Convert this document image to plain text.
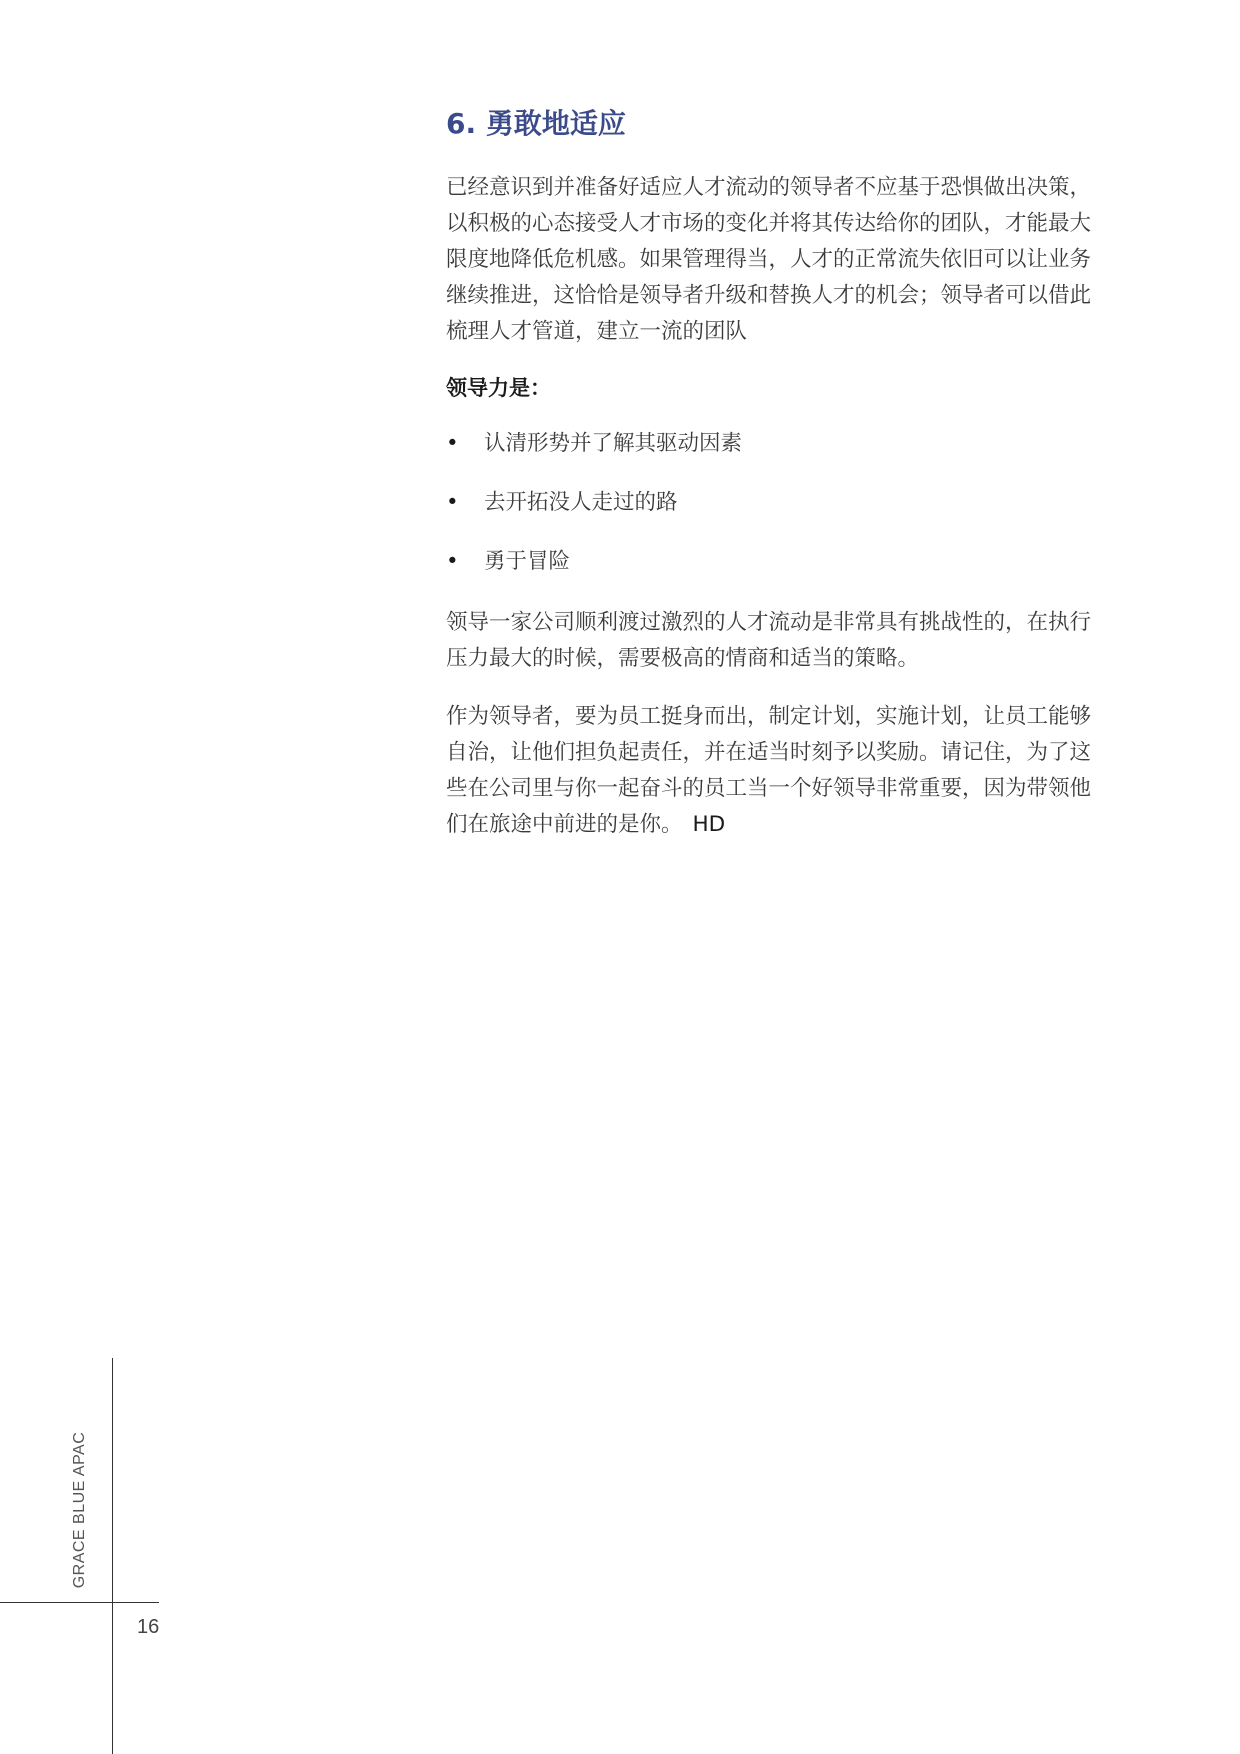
6. 勇敢地适应

已经意识到并准备好适应人才流动的领导者不应基于恐惧做出决策，以积极的心态接受人才市场的变化并将其传达给你的团队，才能最大限度地降低危机感。如果管理得当，人才的正常流失依旧可以让业务继续推进，这恰恰是领导者升级和替换人才的机会；领导者可以借此梳理人才管道，建立一流的团队

领导力是：
• 认清形势并了解其驱动因素
• 去开拓没人走过的路
• 勇于冒险

领导一家公司顺利渡过激烈的人才流动是非常具有挑战性的，在执行压力最大的时候，需要极高的情商和适当的策略。

作为领导者，要为员工挺身而出，制定计划，实施计划，让员工能够自治，让他们担负起责任，并在适当时刻予以奖励。请记住，为了这些在公司里与你一起奋斗的员工当一个好领导非常重要，因为带领他们在旅途中前进的是你。 HD

GRACE BLUE APAC
16
